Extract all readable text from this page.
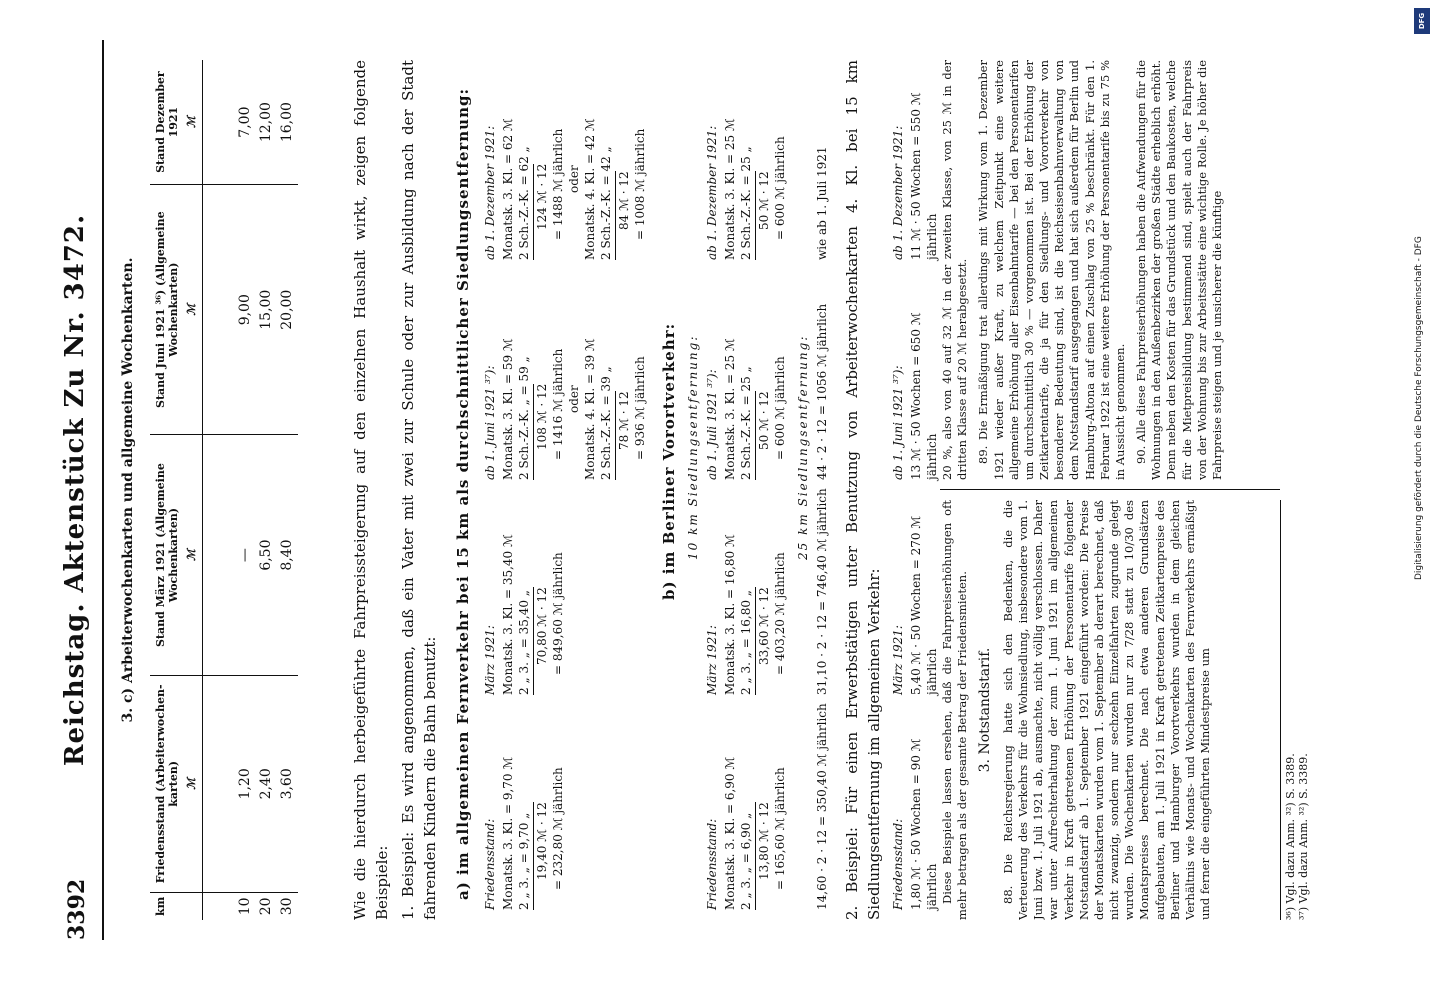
3392
Reichstag. Aktenstück Zu Nr. 3472. 3. c) Arbeiterwochenkarten und allgemeine Wochenkarten.
km	Friedensstand (Arbeiterwochen-karten) ℳ	Stand März 1921 (Allgemeine Wochenkarten) ℳ	Stand Juni 1921 ³⁶) (Allgemeine Wochenkarten) ℳ	Stand Dezember 1921 ℳ

10	1,20	—	9,00	7,00
20	2,40	6,50	15,00	12,00
30	3,60	8,40	20,00	16,00	Wie die hierdurch herbeigeführte Fahrpreissteigerung auf den einzelnen Haushalt wirkt, zeigen folgende Beispiele: 1. Beispiel: Es wird angenommen, daß ein Vater mit zwei zur Schule oder zur Ausbildung nach der Stadt fahrenden Kindern die Bahn benutzt: a) im allgemeinen Fernverkehr bei 15 km als durchschnittlicher Siedlungsentfernung: Friedensstand: Monatsk. 3. Kl. = 9,70 ℳ 2 „ 3. „ = 9,70 „ 19,40 ℳ · 12 = 232,80 ℳ jährlich
März 1921: Monatsk. 3. Kl. = 35,40 ℳ 2 „ 3. „ = 35,40 „ 70,80 ℳ · 12 = 849,60 ℳ jährlich
ab 1. Juni 1921 ³⁷): Monatsk. 3. Kl. = 59 ℳ 2 Sch.-Z.-K. „ = 59 „ 108 ℳ · 12 = 1416 ℳ jährlich oder Monatsk. 4. Kl. = 39 ℳ 2 Sch.-Z.-K. = 39 „ 78 ℳ · 12 = 936 ℳ jährlich
ab 1. Dezember 1921: Monatsk. 3. Kl. = 62 ℳ 2 Sch.-Z.-K. = 62 „ 124 ℳ · 12 = 1488 ℳ jährlich oder Monatsk. 4. Kl. = 42 ℳ 2 Sch.-Z.-K. = 42 „ 84 ℳ · 12 = 1008 ℳ jährlich
b) im Berliner Vorortverkehr: 10 km Siedlungsentfernung:
Friedensstand: Monatsk. 3. Kl. = 6,90 ℳ 2 „ 3. „ = 6,90 „ 13,80 ℳ · 12 = 165,60 ℳ jährlich
März 1921: Monatsk. 3. Kl. = 16,80 ℳ 2 „ 3. „ = 16,80 „ 33,60 ℳ · 12 = 403,20 ℳ jährlich
ab 1. Juli 1921 ³⁷): Monatsk. 3. Kl. = 25 ℳ 2 Sch.-Z.-K. = 25 „ 50 ℳ · 12 = 600 ℳ jährlich
ab 1. Dezember 1921: Monatsk. 3. Kl. = 25 ℳ 2 Sch.-Z.-K. = 25 „ 50 ℳ · 12 = 600 ℳ jährlich
25 km Siedlungsentfernung:
14,60 · 2 · 12 = 350,40 ℳ jährlich
31,10 · 2 · 12 = 746,40 ℳ jährlich
44 · 2 · 12 = 1056 ℳ jährlich
wie ab 1. Juli 1921 2. Beispiel: Für einen Erwerbstätigen unter Benutzung von Arbeiterwochenkarten 4. Kl. bei 15 km Siedlungsentfernung im allgemeinen Verkehr: Friedensstand: 1,80 ℳ · 50 Wochen = 90 ℳ jährlich
März 1921: 5,40 ℳ · 50 Wochen = 270 ℳ jährlich
ab 1. Juni 1921 ³⁷): 13 ℳ · 50 Wochen = 650 ℳ jährlich
ab 1. Dezember 1921: 11 ℳ · 50 Wochen = 550 ℳ jährlich

Diese Beispiele lassen ersehen, daß die Fahrpreiserhöhungen oft mehr betragen als der gesamte Betrag der Friedensmieten. 3. Notstandstarif. 88. Die Reichsregierung hatte sich den Bedenken, die die Verteuerung des Verkehrs für die Wohnsiedlung, insbesondere vom 1. Juni bzw. 1. Juli 1921 ab, ausmachte, nicht völlig verschlossen. Daher war unter Aufrechterhaltung der zum 1. Juni 1921 im allgemeinen Verkehr in Kraft getretenen Erhöhung der Personentarife folgender Notstandstarif ab 1. September 1921 eingeführt worden: Die Preise der Monatskarten wurden vom 1. September ab derart berechnet, daß nicht zwanzig, sondern nur sechzehn Einzelfahrten zugrunde gelegt wurden. Die Wochenkarten wurden nur zu 7/28 statt zu 10/30 des Monatspreises berechnet. Die nach etwa anderen Grundsätzen aufgebauten, am 1. Juli 1921 in Kraft getretenen Zeitkartenpreise des Berliner und Hamburger Vorortverkehrs wurden in dem gleichen Verhältnis wie Monats- und Wochenkarten des Fernverkehrs ermäßigt und ferner die eingeführten Mindestpreise um

20 %, also von 40 auf 32 ℳ in der zweiten Klasse, von 25 ℳ in der dritten Klasse auf 20 ℳ herabgesetzt. 89. Die Ermäßigung trat allerdings mit Wirkung vom 1. Dezember 1921 wieder außer Kraft, zu welchem Zeitpunkt eine weitere allgemeine Erhöhung aller Eisenbahntarife — bei den Personentarifen um durchschnittlich 30 % — vorgenommen ist. Bei der Erhöhung der Zeitkartentarife, die ja für den Siedlungs- und Vorortverkehr von besonderer Bedeutung sind, ist die Reichseisenbahnverwaltung von dem Notstandstarif ausgegangen und hat sich außerdem für Berlin und Hamburg-Altona auf einen Zuschlag von 25 % beschränkt. Für den 1. Februar 1922 ist eine weitere Erhöhung der Personentarife bis zu 75 % in Aussicht genommen. 90. Alle diese Fahrpreiserhöhungen haben die Aufwendungen für die Wohnungen in den Außenbezirken der großen Städte erheblich erhöht. Denn neben den Kosten für das Grundstück und den Baukosten, welche für die Mietpreisbildung bestimmend sind, spielt auch der Fahrpreis von der Wohnung bis zur Arbeitsstätte eine wichtige Rolle. Je höher die Fahrpreise steigen und je unsicherer die künftige

³⁶) Vgl. dazu Anm. ³²) S. 3389. ³⁷) Vgl. dazu Anm. ³²) S. 3389.
DFG
Digitalisierung gefördert durch die Deutsche Forschungsgemeinschaft - DFG
